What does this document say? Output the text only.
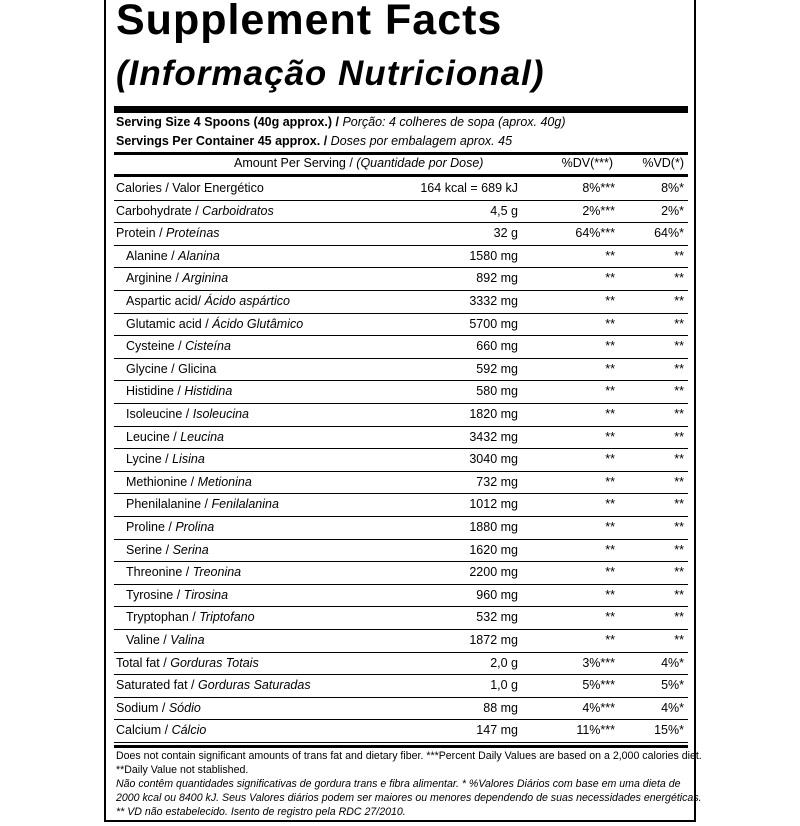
Supplement Facts
(Informação Nutricional)
Serving Size 4 Spoons (40g approx.) / Porção: 4 colheres de sopa (aprox. 40g)
Servings Per Container 45 approx. / Doses por embalagem aprox. 45
Amount Per Serving / (Quantidade por Dose)	%DV(***) %VD(*)
Calories / Valor Energético	164 kcal = 689 kJ	8%***	8%*
Carbohydrate / Carboidratos	4,5 g	2%***	2%*
Protein / Proteínas	32 g	64%***	64%*
Alanine / Alanina	1580 mg	**	**
Arginine / Arginina	892 mg	**	**
Aspartic acid/ Ácido aspártico	3332 mg	**	**
Glutamic acid / Ácido Glutâmico	5700 mg	**	**
Cysteine / Cisteína	660 mg	**	**
Glycine / Glicina	592 mg	**	**
Histidine / Histidina	580 mg	**	**
Isoleucine / Isoleucina	1820 mg	**	**
Leucine / Leucina	3432 mg	**	**
Lycine / Lisina	3040 mg	**	**
Methionine / Metionina	732 mg	**	**
Phenilalanine / Fenilalanina	1012 mg	**	**
Proline / Prolina	1880 mg	**	**
Serine / Serina	1620 mg	**	**
Threonine / Treonina	2200 mg	**	**
Tyrosine / Tirosina	960 mg	**	**
Tryptophan / Triptofano	532 mg	**	**
Valine / Valina	1872 mg	**	**
Total fat / Gorduras Totais	2,0 g	3%***	4%*
Saturated fat / Gorduras Saturadas	1,0 g	5%***	5%*
Sodium / Sódio	88 mg	4%***	4%*
Calcium / Cálcio	147 mg	11%***	15%*
Does not contain significant amounts of trans fat and dietary fiber. ***Percent Daily Values are based on a 2,000 calories diet.
**Daily Value not stablished.
Não contêm quantidades significativas de gordura trans e fibra alimentar. * %Valores Diários com base em uma dieta de
2000 kcal ou 8400 kJ. Seus Valores diários podem ser maiores ou menores dependendo de suas necessidades energéticas.
** VD não estabelecido. Isento de registro pela RDC 27/2010.
